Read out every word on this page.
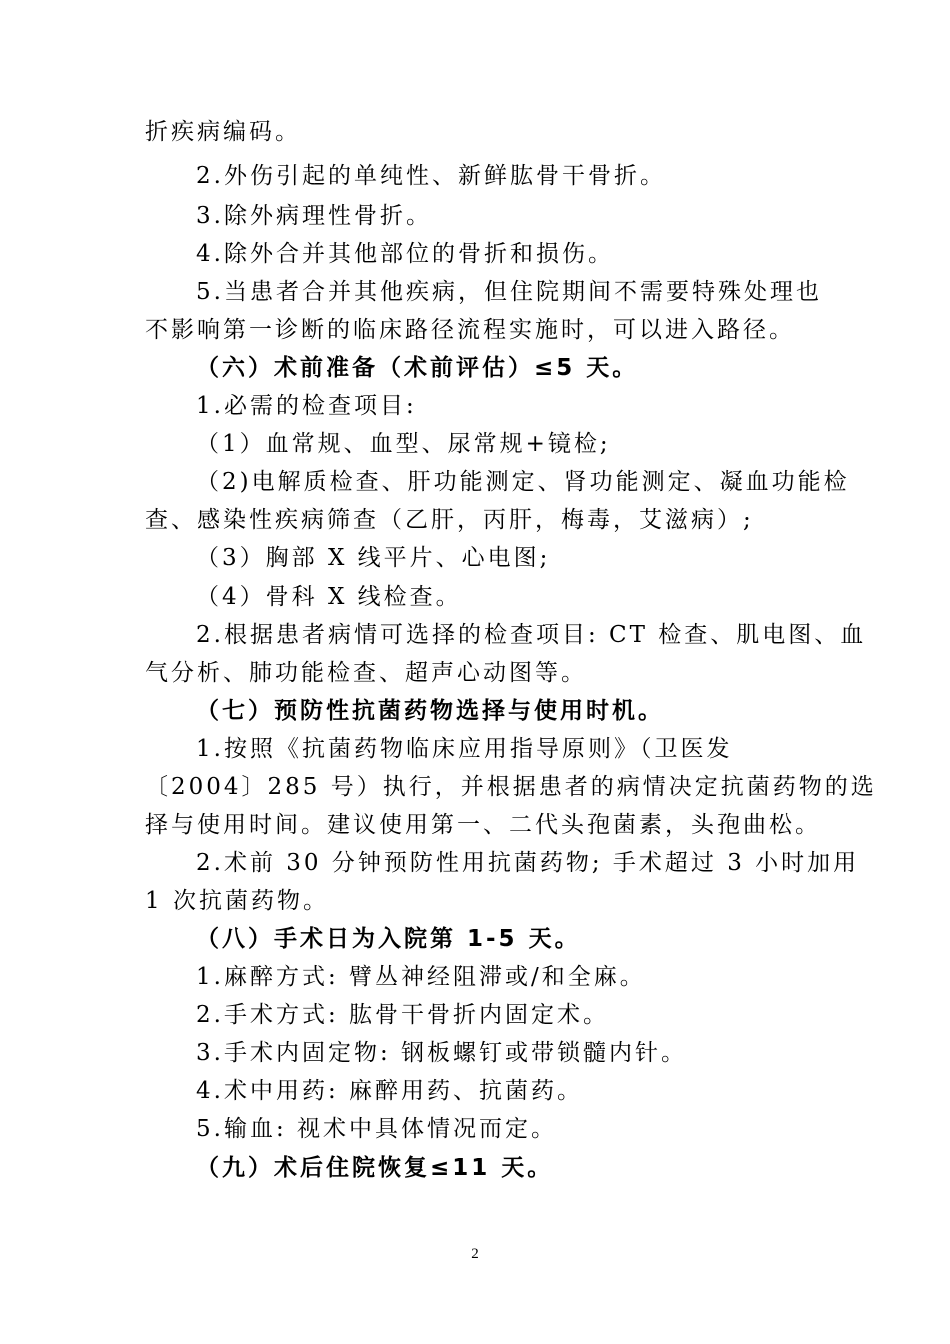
折疾病编码。
2.外伤引起的单纯性、新鲜肱骨干骨折。
3.除外病理性骨折。
4.除外合并其他部位的骨折和损伤。
5.当患者合并其他疾病，但住院期间不需要特殊处理也
不影响第一诊断的临床路径流程实施时，可以进入路径。
（六）术前准备（术前评估）≤5 天。
1.必需的检查项目:
（1）血常规、血型、尿常规+镜检;
（2)电解质检查、肝功能测定、肾功能测定、凝血功能检
查、感染性疾病筛查（乙肝，丙肝，梅毒，艾滋病）;
（3）胸部 X 线平片、心电图;
（4）骨科 X 线检查。
2.根据患者病情可选择的检查项目: CT 检查、肌电图、血
气分析、肺功能检查、超声心动图等。
（七）预防性抗菌药物选择与使用时机。
1.按照《抗菌药物临床应用指导原则》（卫医发
〔2004〕285 号）执行，并根据患者的病情决定抗菌药物的选
择与使用时间。建议使用第一、二代头孢菌素，头孢曲松。
2.术前 30 分钟预防性用抗菌药物; 手术超过 3 小时加用
1 次抗菌药物。
（八）手术日为入院第 1-5 天。
1.麻醉方式: 臂丛神经阻滞或/和全麻。
2.手术方式: 肱骨干骨折内固定术。
3.手术内固定物: 钢板螺钉或带锁髓内针。
4.术中用药: 麻醉用药、抗菌药。
5.输血: 视术中具体情况而定。
（九）术后住院恢复≤11 天。
2
